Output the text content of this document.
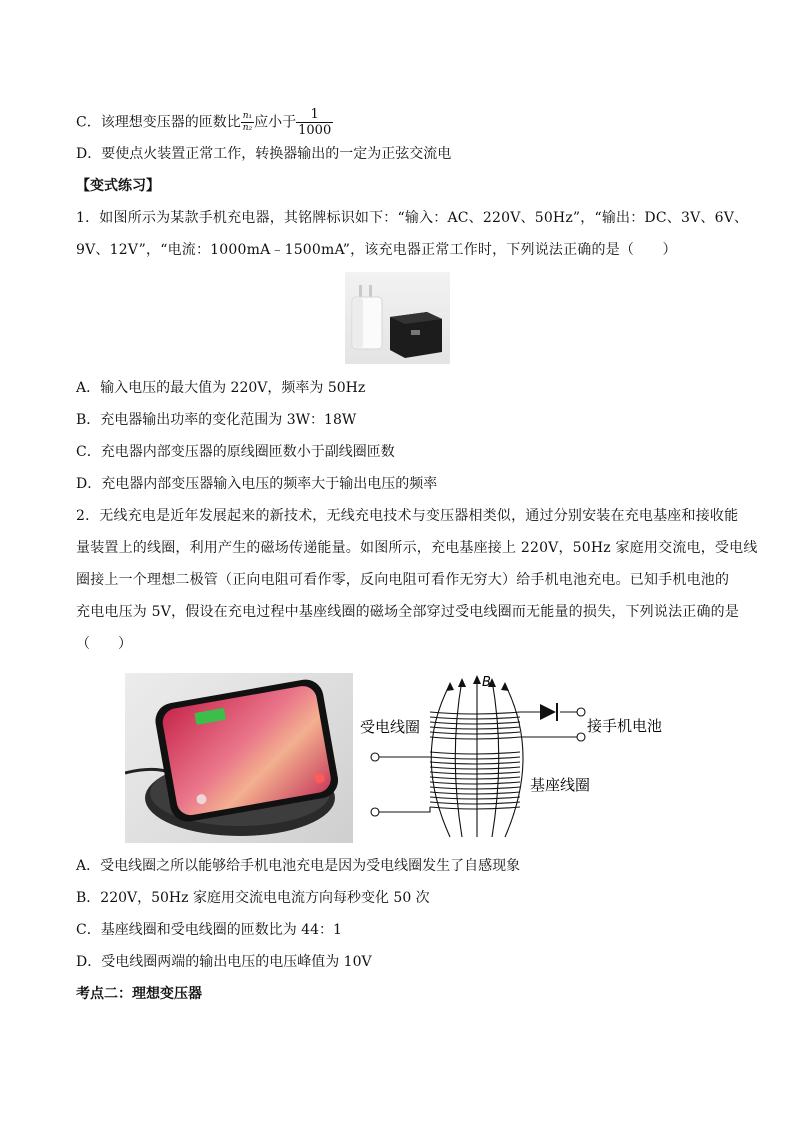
C．该理想变压器的匝数比 $\frac{\text{n₁}}{\text{n₂}}$ 应小于 $\frac{1}{1000}$
D．要使点火装置正常工作，转换器输出的一定为正弦交流电
【变式练习】
1．如图所示为某款手机充电器，其铭牌标识如下：“输入：AC、220V、50Hz”，“输出：DC、3V、6V、
9V、12V”，“电流：1000mA﹣1500mA”，该充电器正常工作时，下列说法正确的是（　　）
A．输入电压的最大值为 220V，频率为 50Hz
B．充电器输出功率的变化范围为 3W：18W
C．充电器内部变压器的原线圈匝数小于副线圈匝数
D．充电器内部变压器输入电压的频率大于输出电压的频率
2．无线充电是近年发展起来的新技术，无线充电技术与变压器相类似，通过分别安装在充电基座和接收能
量装置上的线圈，利用产生的磁场传递能量。如图所示，充电基座接上 220V，50Hz 家庭用交流电，受电线
圈接上一个理想二极管（正向电阻可看作零，反向电阻可看作无穷大）给手机电池充电。已知手机电池的
充电电压为 5V，假设在充电过程中基座线圈的磁场全部穿过受电线圈而无能量的损失，下列说法正确的是
（　　）
B
受电线圈	接手机电池
基座线圈
A．受电线圈之所以能够给手机电池充电是因为受电线圈发生了自感现象
B．220V，50Hz 家庭用交流电电流方向每秒变化 50 次
C．基座线圈和受电线圈的匝数比为 44：1
D．受电线圈两端的输出电压的电压峰值为 10V
考点二：理想变压器
